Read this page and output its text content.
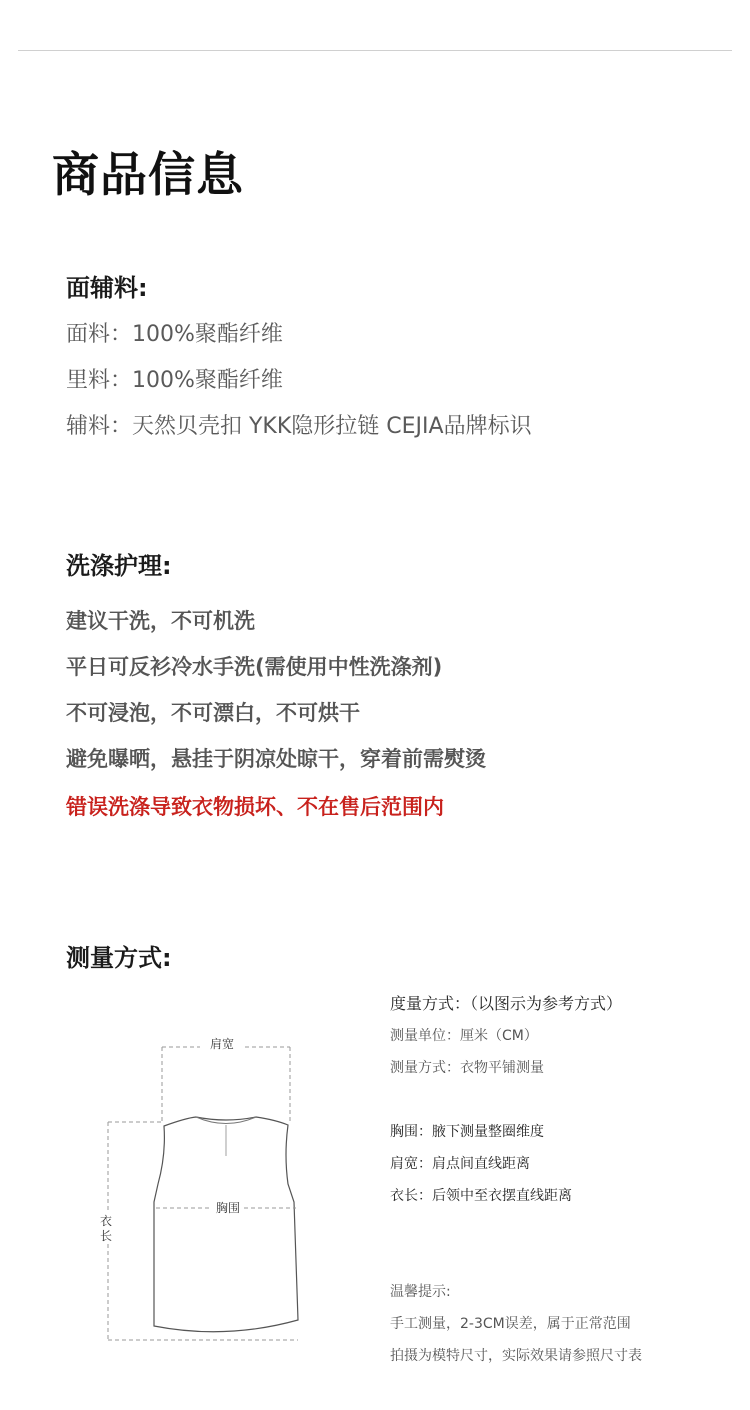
商品信息
面辅料:
面料：100%聚酯纤维
里料：100%聚酯纤维
辅料：天然贝壳扣 YKK隐形拉链 CEJIA品牌标识
洗涤护理:
建议干洗，不可机洗
平日可反衫冷水手洗(需使用中性洗涤剂)
不可浸泡，不可漂白，不可烘干
避免曝晒，悬挂于阴凉处晾干，穿着前需熨烫
错误洗涤导致衣物损坏、不在售后范围内
测量方式:
肩宽
胸围
衣
长
度量方式：（以图示为参考方式）
测量单位：厘米（CM）
测量方式：衣物平铺测量
胸围：腋下测量整圈维度
肩宽：肩点间直线距离
衣长：后领中至衣摆直线距离
温馨提示:
手工测量，2-3CM误差，属于正常范围
拍摄为模特尺寸，实际效果请参照尺寸表
